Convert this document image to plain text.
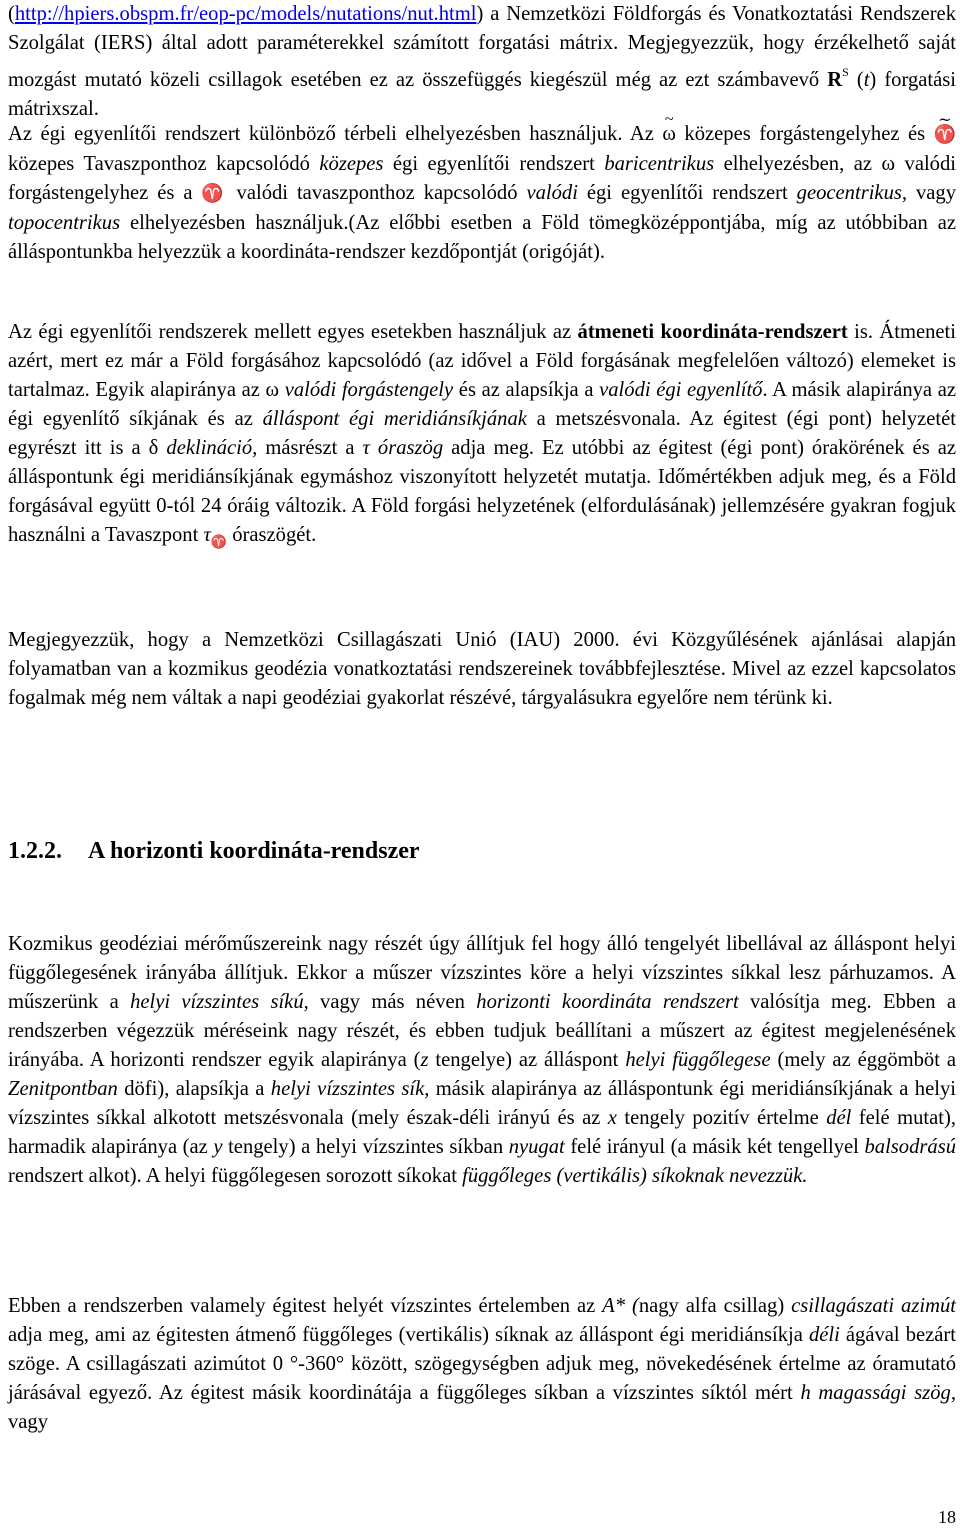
(http://hpiers.obspm.fr/eop-pc/models/nutations/nut.html) a Nemzetközi Földforgás és Vonatkoztatási Rendszerek Szolgálat (IERS) által adott paraméterekkel számított forgatási mátrix. Megjegyezzük, hogy érzékelhető saját mozgást mutató közeli csillagok esetében ez az összefüggés kiegészül még az ezt számbavevő $R^S$ (t) forgatási mátrixszal.

Az égi egyenlítői rendszert különböző térbeli elhelyezésben használjuk. Az ~ ω közepes forgástengelyhez és ~ ♈ közepes Tavaszponthoz kapcsolódó közepes égi egyenlítői rendszert baricentrikus elhelyezésben, az ω valódi forgástengelyhez és a ♈ valódi tavaszponthoz kapcsolódó valódi égi egyenlítői rendszert geocentrikus, vagy topocentrikus elhelyezésben használjuk.(Az előbbi esetben a Föld tömegközéppontjába, míg az utóbbiban az álláspontunkba helyezzük a koordináta-rendszer kezdőpontját (origóját).

Az égi egyenlítői rendszerek mellett egyes esetekben használjuk az átmeneti koordináta-rendszert is. Átmeneti azért, mert ez már a Föld forgásához kapcsolódó (az idővel a Föld forgásának megfelelően változó) elemeket is tartalmaz. Egyik alapiránya az ω valódi forgástengely és az alapsíkja a valódi égi egyenlítő. A másik alapiránya az égi egyenlítő síkjának és az álláspont égi meridiánsíkjának a metszésvonala. Az égitest (égi pont) helyzetét egyrészt itt is a δ deklináció, másrészt a τ óraszög adja meg. Ez utóbbi az égitest (égi pont) órakörének és az álláspontunk égi meridiánsíkjának egymáshoz viszonyított helyzetét mutatja. Időmértékben adjuk meg, és a Föld forgásával együtt 0-tól 24 óráig változik. A Föld forgási helyzetének (elfordulásának) jellemzésére gyakran fogjuk használni a Tavaszpont $\tau_♈$ óraszögét.

Megjegyezzük, hogy a Nemzetközi Csillagászati Unió (IAU) 2000. évi Közgyűlésének ajánlásai alapján folyamatban van a kozmikus geodézia vonatkoztatási rendszereinek továbbfejlesztése. Mivel az ezzel kapcsolatos fogalmak még nem váltak a napi geodéziai gyakorlat részévé, tárgyalásukra egyelőre nem térünk ki.

Kozmikus geodéziai mérőműszereink nagy részét úgy állítjuk fel hogy álló tengelyét libellával az álláspont helyi függőlegesének irányába állítjuk. Ekkor a műszer vízszintes köre a helyi vízszintes síkkal lesz párhuzamos. A műszerünk a helyi vízszintes síkú, vagy más néven horizonti koordináta rendszert valósítja meg. Ebben a rendszerben végezzük méréseink nagy részét, és ebben tudjuk beállítani a műszert az égitest megjelenésének irányába. A horizonti rendszer egyik alapiránya (z tengelye) az álláspont helyi függőlegese (mely az éggömböt a Zenitpontban döfi), alapsíkja a helyi vízszintes sík, másik alapiránya az álláspontunk égi meridiánsíkjának a helyi vízszintes síkkal alkotott metszésvonala (mely észak-déli irányú és az x tengely pozitív értelme dél felé mutat), harmadik alapiránya (az y tengely) a helyi vízszintes síkban nyugat felé irányul (a másik két tengellyel balsodrású rendszert alkot). A helyi függőlegesen sorozott síkokat függőleges (vertikális) síkoknak nevezzük.

Ebben a rendszerben valamely égitest helyét vízszintes értelemben az A* (nagy alfa csillag) csillagászati azimút adja meg, ami az égitesten átmenő függőleges (vertikális) síknak az álláspont égi meridiánsíkja déli ágával bezárt szöge. A csillagászati azimútot 0 °-360° között, szögegységben adjuk meg, növekedésének értelme az óramutató járásával egyező. Az égitest másik koordinátája a függőleges síkban a vízszintes síktól mért h magassági szög, vagy

1.2.2. A horizonti koordináta-rendszer
18
